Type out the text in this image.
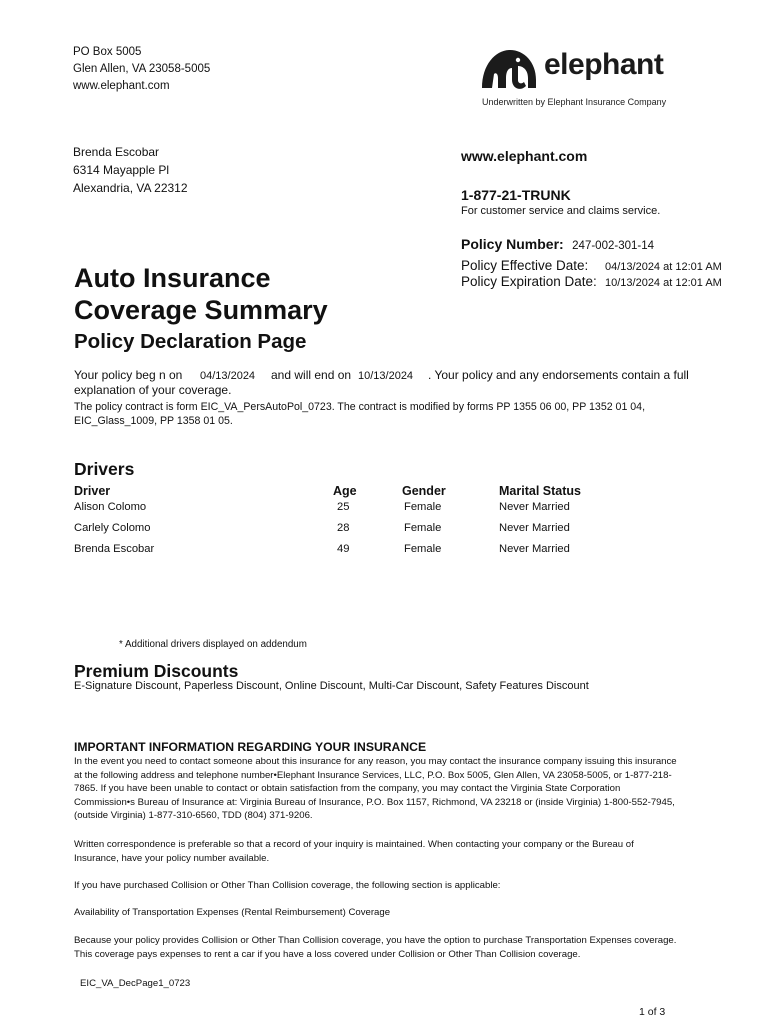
PO Box 5005
Glen Allen, VA 23058-5005
www.elephant.com
elephant
Underwritten by Elephant Insurance Company
Brenda Escobar
6314 Mayapple Pl
Alexandria, VA 22312
www.elephant.com
1-877-21-TRUNK
For customer service and claims service.
Policy Number: 247-002-301-14
Policy Effective Date: 04/13/2024 at 12:01 AM
Policy Expiration Date: 10/13/2024 at 12:01 AM
Auto Insurance
Coverage Summary
Policy Declaration Page
Your policy beg n on 04/13/2024 and will end on 10/13/2024 . Your policy and any endorsements contain a full
explanation of your coverage.
The policy contract is form EIC_VA_PersAutoPol_0723. The contract is modified by forms PP 1355 06 00, PP 1352 01 04,
EIC_Glass_1009, PP 1358 01 05.
Drivers
Driver	Age	Gender	Marital Status
Alison Colomo	25	Female	Never Married
Carlely Colomo	28	Female	Never Married
Brenda Escobar	49	Female	Never Married
* Additional drivers displayed on addendum
Premium Discounts
E-Signature Discount, Paperless Discount, Online Discount, Multi-Car Discount, Safety Features Discount
IMPORTANT INFORMATION REGARDING YOUR INSURANCE
In the event you need to contact someone about this insurance for any reason, you may contact the insurance company issuing this insurance
at the following address and telephone number•Elephant Insurance Services, LLC, P.O. Box 5005, Glen Allen, VA 23058-5005, or 1-877-218-
7865. If you have been unable to contact or obtain satisfaction from the company, you may contact the Virginia State Corporation
Commission•s Bureau of Insurance at: Virginia Bureau of Insurance, P.O. Box 1157, Richmond, VA 23218 or (inside Virginia) 1-800-552-7945,
(outside Virginia) 1-877-310-6560, TDD (804) 371-9206.
Written correspondence is preferable so that a record of your inquiry is maintained. When contacting your company or the Bureau of
Insurance, have your policy number available.
If you have purchased Collision or Other Than Collision coverage, the following section is applicable:
Availability of Transportation Expenses (Rental Reimbursement) Coverage
Because your policy provides Collision or Other Than Collision coverage, you have the option to purchase Transportation Expenses coverage.
This coverage pays expenses to rent a car if you have a loss covered under Collision or Other Than Collision coverage.
EIC_VA_DecPage1_0723
1 of 3
